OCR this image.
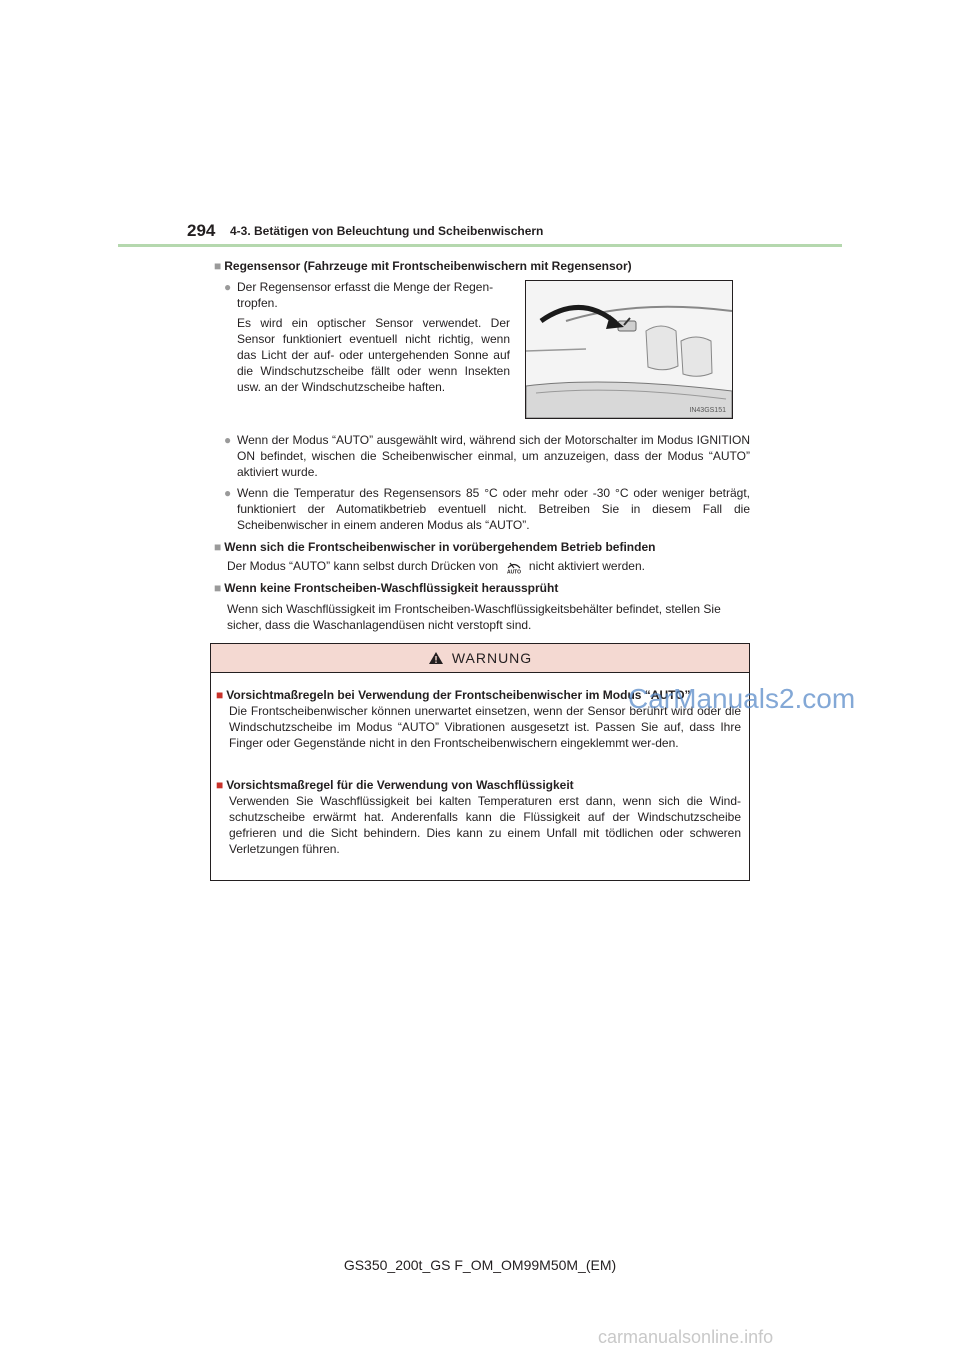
294 4-3. Betätigen von Beleuchtung und Scheibenwischern
■ Regensensor (Fahrzeuge mit Frontscheibenwischern mit Regensensor)
● Der Regensensor erfasst die Menge der Regen-
tropfen.
Es wird ein optischer Sensor verwendet. Der Sensor funktioniert eventuell nicht richtig, wenn das Licht der auf- oder untergehenden Sonne auf die Windschutzscheibe fällt oder wenn Insekten usw. an der Windschutzscheibe haften.
IN43GS151
● Wenn der Modus “AUTO” ausgewählt wird, während sich der Motorschalter im Modus IGNITION ON befindet, wischen die Scheibenwischer einmal, um anzuzeigen, dass der Modus “AUTO” aktiviert wurde.
● Wenn die Temperatur des Regensensors 85 °C oder mehr oder -30 °C oder weniger beträgt, funktioniert der Automatikbetrieb eventuell nicht. Betreiben Sie in diesem Fall die Scheibenwischer in einem anderen Modus als “AUTO”.
■ Wenn sich die Frontscheibenwischer in vorübergehendem Betrieb befinden
Der Modus “AUTO” kann selbst durch Drücken von AUTO nicht aktiviert werden.
■ Wenn keine Frontscheiben-Waschflüssigkeit heraussprüht
Wenn sich Waschflüssigkeit im Frontscheiben-Waschflüssigkeitsbehälter befindet, stellen Sie sicher, dass die Waschanlagendüsen nicht verstopft sind.
WARNUNG
■ Vorsichtmaßregeln bei Verwendung der Frontscheibenwischer im Modus “AUTO”
Die Frontscheibenwischer können unerwartet einsetzen, wenn der Sensor berührt wird oder die Windschutzscheibe im Modus “AUTO” Vibrationen ausgesetzt ist. Passen Sie auf, dass Ihre Finger oder Gegenstände nicht in den Frontscheibenwischern eingeklemmt wer-den.
■ Vorsichtsmaßregel für die Verwendung von Waschflüssigkeit
Verwenden Sie Waschflüssigkeit bei kalten Temperaturen erst dann, wenn sich die Wind-schutzscheibe erwärmt hat. Anderenfalls kann die Flüssigkeit auf der Windschutzscheibe gefrieren und die Sicht behindern. Dies kann zu einem Unfall mit tödlichen oder schweren Verletzungen führen.
CarManuals2.com
carmanualsonline.info
GS350_200t_GS F_OM_OM99M50M_(EM)
